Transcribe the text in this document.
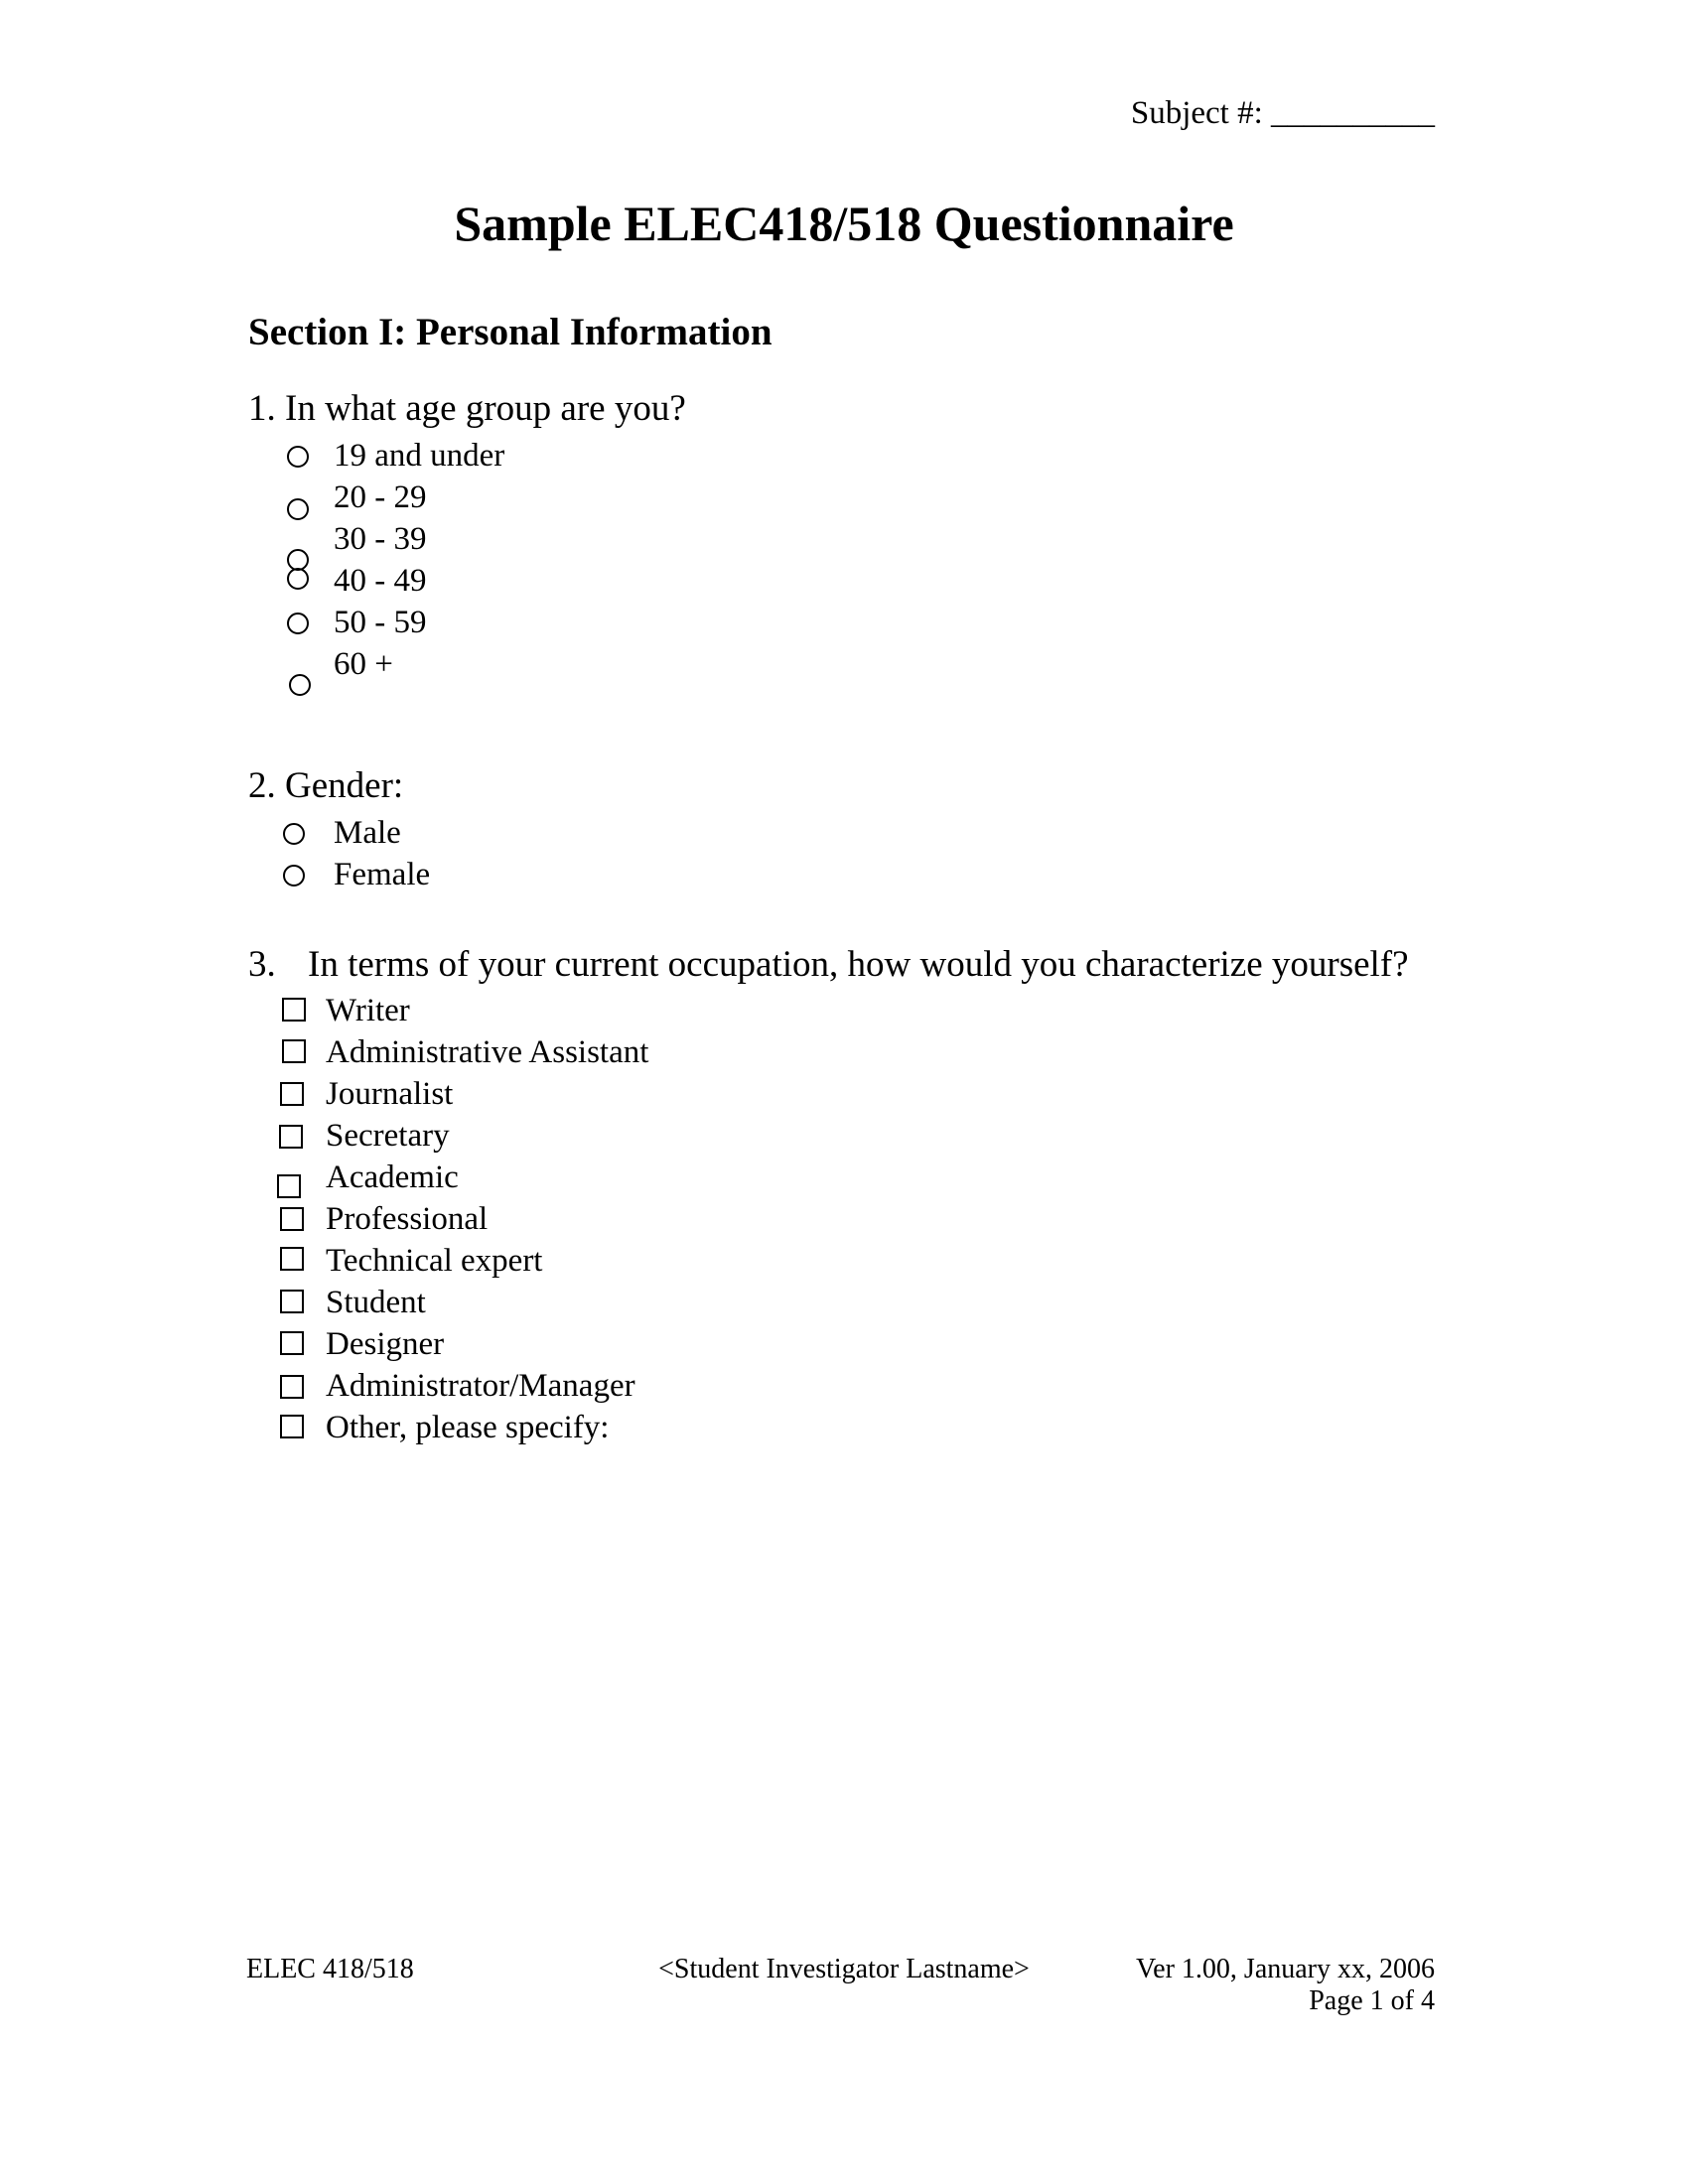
Subject #: __________
Sample ELEC418/518 Questionnaire
Section I: Personal Information
1. In what age group are you?
19 and under
20 - 29
30 - 39
40 - 49
50 - 59
60 +
2. Gender:
Male
Female
3. In terms of your current occupation, how would you characterize yourself?
Writer
Administrative Assistant
Journalist
Secretary
Academic
Professional
Technical expert
Student
Designer
Administrator/Manager
Other, please specify:
ELEC 418/518	<Student Investigator Lastname>	Ver 1.00, January xx, 2006
Page 1 of 4
